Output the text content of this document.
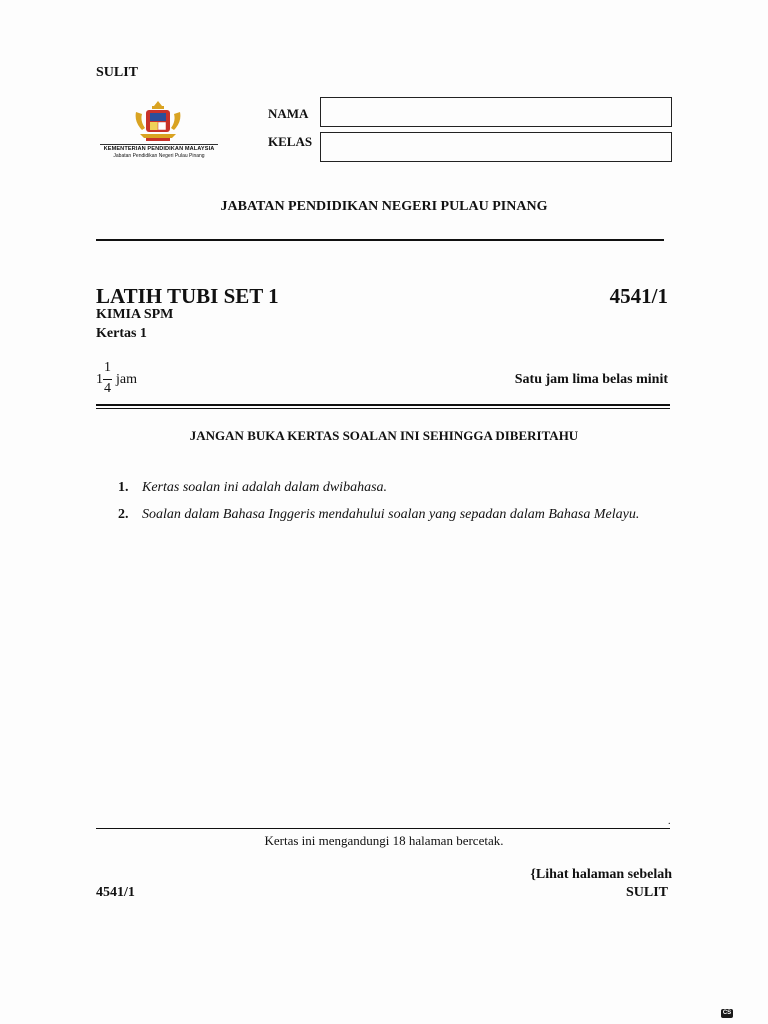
SULIT
KEMENTERIAN PENDIDIKAN MALAYSIA
Jabatan Pendidikan Negeri Pulau Pinang
NAMA
KELAS
JABATAN PENDIDIKAN NEGERI PULAU PINANG
LATIH TUBI SET 1	4541/1
KIMIA SPM
Kertas 1
1
1
4
jam	Satu jam lima belas minit
JANGAN BUKA KERTAS SOALAN INI SEHINGGA DIBERITAHU
1. Kertas soalan ini adalah dalam dwibahasa.
2. Soalan dalam Bahasa Inggeris mendahului soalan yang sepadan dalam Bahasa Melayu.
.
Kertas ini mengandungi 18 halaman bercetak.
{Lihat halaman sebelah
4541/1	SULIT
CS
